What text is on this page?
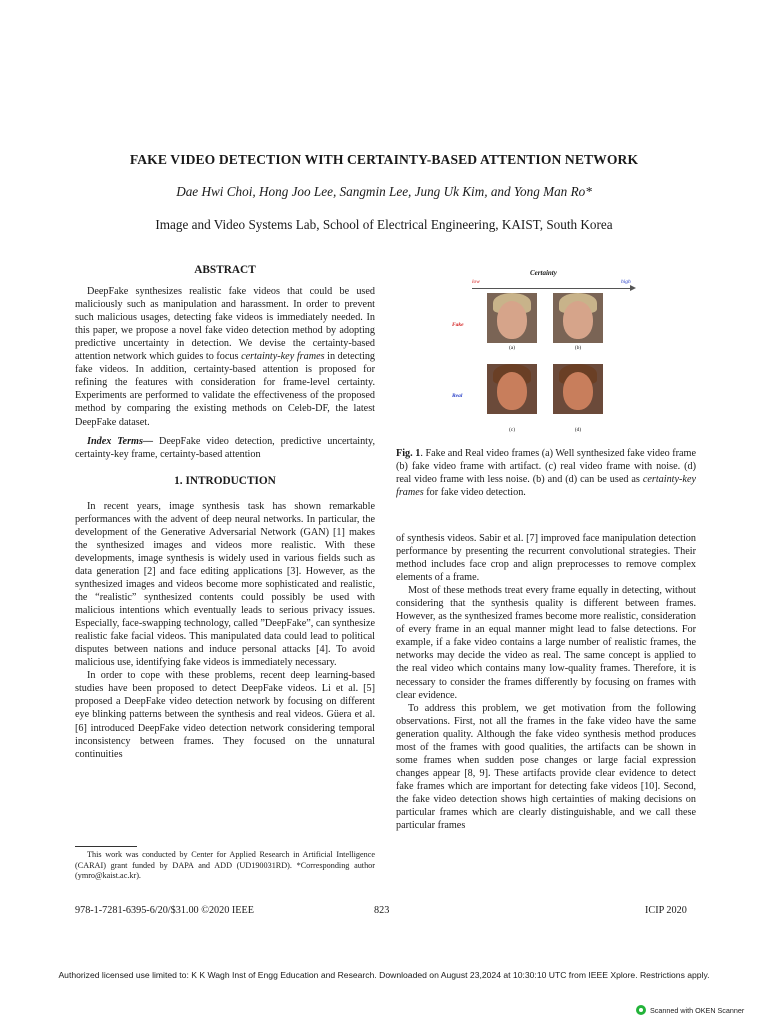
FAKE VIDEO DETECTION WITH CERTAINTY-BASED ATTENTION NETWORK
Dae Hwi Choi, Hong Joo Lee, Sangmin Lee, Jung Uk Kim, and Yong Man Ro*
Image and Video Systems Lab, School of Electrical Engineering, KAIST, South Korea
ABSTRACT

DeepFake synthesizes realistic fake videos that could be used maliciously such as manipulation and harassment. In order to prevent such malicious usages, detecting fake videos is immediately needed. In this paper, we propose a novel fake video detection method by adopting predictive uncertainty in detection. We devise the certainty-based attention network which guides to focus certainty-key frames in detecting fake videos. In addition, certainty-based attention is proposed for refining the features with consideration for frame-level certainty. Experiments are performed to validate the effectiveness of the proposed method by comparing the existing methods on Celeb-DF, the latest DeepFake dataset.

Index Terms— DeepFake video detection, predictive uncertainty, certainty-key frame, certainty-based attention

1. INTRODUCTION

In recent years, image synthesis task has shown remarkable performances with the advent of deep neural networks. In particular, the development of the Generative Adversarial Network (GAN) [1] makes the synthesized images and videos more realistic. With these developments, image synthesis is widely used in various fields such as data generation [2] and face editing applications [3]. However, as the synthesized images and videos become more sophisticated and realistic, the “realistic” synthesized contents could possibly be used with malicious intentions which eventually leads to serious privacy issues. Especially, face-swapping technology, called ”DeepFake”, can synthesize realistic fake facial videos. This manipulated data could lead to political disputes between nations and induce personal attacks [4]. To avoid malicious use, identifying fake videos is immediately necessary.

In order to cope with these problems, recent deep learning-based studies have been proposed to detect DeepFake videos. Li et al. [5] proposed a DeepFake video detection network by focusing on different eye blinking patterns between the synthesis and real videos. Güera et al. [6] introduced DeepFake video detection network considering temporal inconsistency between frames. They focused on the unnatural continuities

This work was conducted by Center for Applied Research in Artificial Intelligence (CARAI) grant funded by DAPA and ADD (UD190031RD). *Corresponding author (ymro@kaist.ac.kr).
Certainty
low	high
Fake
(a)	(b)
Real
(c)	(d)

Fig. 1. Fake and Real video frames (a) Well synthesized fake video frame (b) fake video frame with artifact. (c) real video frame with noise. (d) real video frame with less noise. (b) and (d) can be used as certainty-key frames for fake video detection.

of synthesis videos. Sabir et al. [7] improved face manipulation detection performance by presenting the recurrent convolutional strategies. Their method includes face crop and align preprocesses to remove complex elements of a frame.

Most of these methods treat every frame equally in detecting, without considering that the synthesis quality is different between frames. However, as the synthesized frames become more realistic, consideration of every frame in an equal manner might lead to false detections. For example, if a fake video contains a large number of realistic frames, the networks may decide the video as real. The same concept is applied to the real video which contains many low-quality frames. Therefore, it is necessary to consider the frames differently by focusing on frames with clear evidence.

To address this problem, we get motivation from the following observations. First, not all the frames in the fake video have the same generation quality. Although the fake video synthesis method produces most of the frames with good qualities, the artifacts can be shown in some frames when sudden pose changes or large facial expression changes appear [8, 9]. These artifacts provide clear evidence to detect fake frames which are important for detecting fake videos [10]. Second, the fake video detection shows high certainties of making decisions on particular frames which are clearly distinguishable, and we call these particular frames

978-1-7281-6395-6/20/$31.00 ©2020 IEEE	823	ICIP 2020
Authorized licensed use limited to: K K Wagh Inst of Engg Education and Research. Downloaded on August 23,2024 at 10:30:10 UTC from IEEE Xplore. Restrictions apply.
Scanned with OKEN Scanner
